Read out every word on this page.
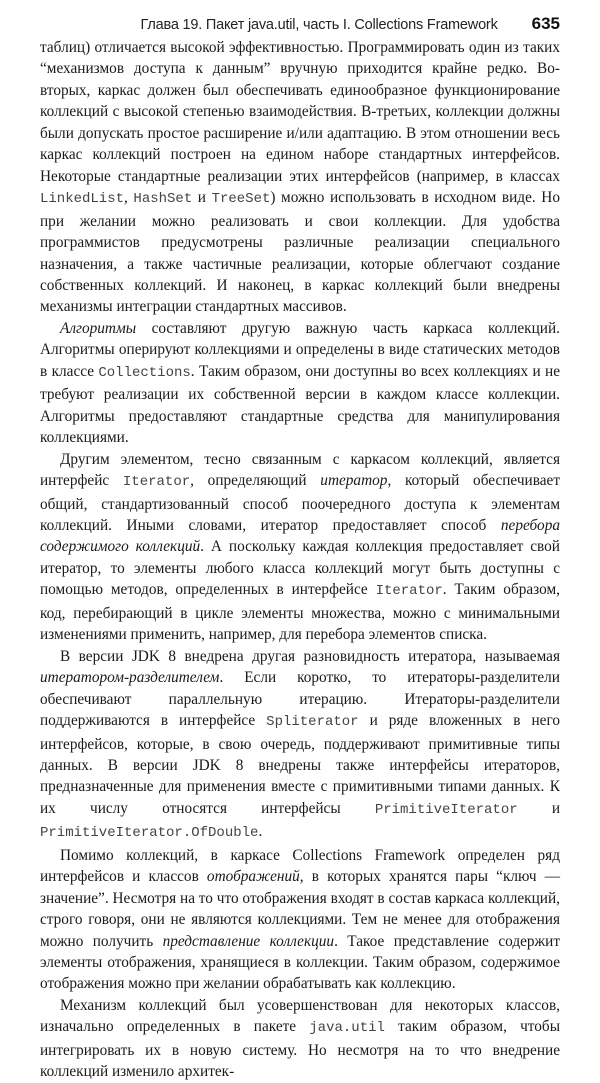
Глава 19. Пакет java.util, часть I. Collections Framework 635

таблиц) отличается высокой эффективностью. Программировать один из таких “механизмов доступа к данным” вручную приходится крайне редко. Во-вторых, каркас должен был обеспечивать единообразное функционирование коллекций с высокой степенью взаимодействия. В-третьих, коллекции должны были допускать простое расширение и/или адаптацию. В этом отношении весь каркас коллекций построен на едином наборе стандартных интерфейсов. Некоторые стандартные реализации этих интерфейсов (например, в классах LinkedList, HashSet и TreeSet) можно использовать в исходном виде. Но при желании можно реализовать и свои коллекции. Для удобства программистов предусмотрены различные реализации специального назначения, а также частичные реализации, которые облегчают создание собственных коллекций. И наконец, в каркас коллекций были внедрены механизмы интеграции стандартных массивов.

Алгоритмы составляют другую важную часть каркаса коллекций. Алгоритмы оперируют коллекциями и определены в виде статических методов в классе Collections. Таким образом, они доступны во всех коллекциях и не требуют реализации их собственной версии в каждом классе коллекции. Алгоритмы предоставляют стандартные средства для манипулирования коллекциями.

Другим элементом, тесно связанным с каркасом коллекций, является интерфейс Iterator, определяющий итератор, который обеспечивает общий, стандартизованный способ поочередного доступа к элементам коллекций. Иными словами, итератор предоставляет способ перебора содержимого коллекций. А поскольку каждая коллекция предоставляет свой итератор, то элементы любого класса коллекций могут быть доступны с помощью методов, определенных в интерфейсе Iterator. Таким образом, код, перебирающий в цикле элементы множества, можно с минимальными изменениями применить, например, для перебора элементов списка.

В версии JDK 8 внедрена другая разновидность итератора, называемая итератором-разделителем. Если коротко, то итераторы-разделители обеспечивают параллельную итерацию. Итераторы-разделители поддерживаются в интерфейсе Spliterator и ряде вложенных в него интерфейсов, которые, в свою очередь, поддерживают примитивные типы данных. В версии JDK 8 внедрены также интерфейсы итераторов, предназначенные для применения вместе с примитивными типами данных. К их числу относятся интерфейсы PrimitiveIterator и PrimitiveIterator.OfDouble.

Помимо коллекций, в каркасе Collections Framework определен ряд интерфейсов и классов отображений, в которых хранятся пары “ключ — значение”. Несмотря на то что отображения входят в состав каркаса коллекций, строго говоря, они не являются коллекциями. Тем не менее для отображения можно получить представление коллекции. Такое представление содержит элементы отображения, хранящиеся в коллекции. Таким образом, содержимое отображения можно при желании обрабатывать как коллекцию.

Механизм коллекций был усовершенствован для некоторых классов, изначально определенных в пакете java.util таким образом, чтобы интегрировать их в новую систему. Но несмотря на то что внедрение коллекций изменило архитек-
